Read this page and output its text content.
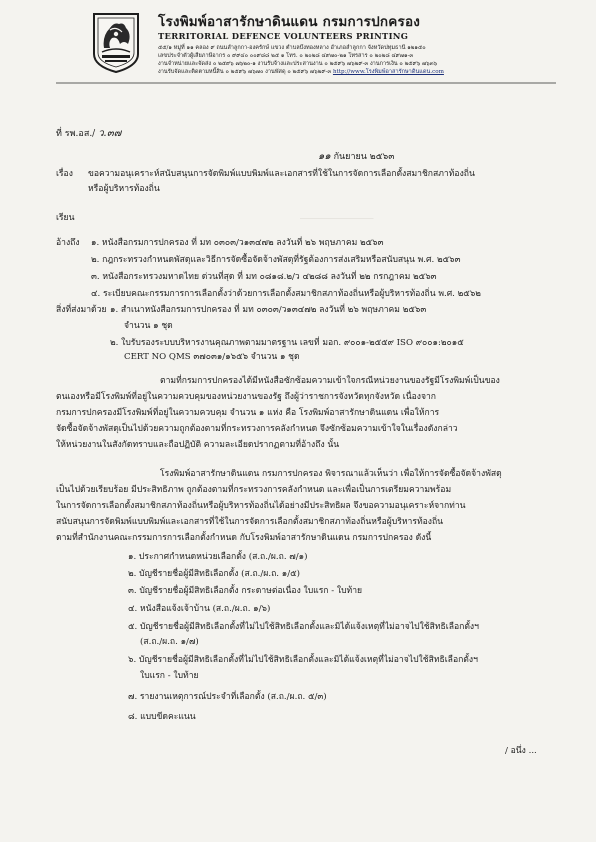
โรงพิมพ์อาสารักษาดินแดน กรมการปกครอง
TERRITORIAL DEFENCE VOLUNTEERS PRINTING
๕๕/๑ หมู่ที่ ๑๑ คลอง ๙ ถนนลำลูกกา-องครักษ์ แขวง ตำบลบึงทองหลาง อำเภอลำลูกกา จังหวัดปทุมธานี ๑๒๑๕๐
เลขประจำตัวผู้เสียภาษีอากร ๐ ๙๙๔๐ ๐๐๙๘๘ ๒๕ ๑ โทร. ๐ ๒๐๒๘ ๔๙๗๐-๒๑ โทรสาร ๐ ๒๐๒๘ ๔๙๗๑-๓
งานจำหน่ายและจัดส่ง ๐ ๒๕๙๖ ๗๖๒๐-๑ งานรับจ้างและประสานงาน ๐ ๒๕๙๖ ๗๖๒๙-๓ งานการเงิน ๐ ๒๕๙๖ ๗๖๓๖
งานรับจัดและติดตามหนี้สิน ๐ ๒๕๙๖ ๗๖๗๐ งานพัสดุ ๐ ๒๕๙๖ ๗๖๒๙-๓ http://www.โรงพิมพ์อาสารักษาดินแดน.com
ที่ รพ.อส./ ว.๓๗
๑๑ กันยายน ๒๕๖๓
เรื่อง ขอความอนุเคราะห์สนับสนุนการจัดพิมพ์แบบพิมพ์และเอกสารที่ใช้ในการจัดการเลือกตั้งสมาชิกสภาท้องถิ่น
หรือผู้บริหารท้องถิ่น
_____________________
เรียน
อ้างถึง ๑. หนังสือกรมการปกครอง ที่ มท ๐๓๐๓/ว๑๓๔๗๒ ลงวันที่ ๒๖ พฤษภาคม ๒๕๖๓
๒. กฎกระทรวงกำหนดพัสดุและวิธีการจัดซื้อจัดจ้างพัสดุที่รัฐต้องการส่งเสริมหรือสนับสนุน พ.ศ. ๒๕๖๓
๓. หนังสือกระทรวงมหาดไทย ด่วนที่สุด ที่ มท ๐๘๑๘.๒/ว ๔๒๘๘ ลงวันที่ ๒๒ กรกฎาคม ๒๕๖๓
๔. ระเบียบคณะกรรมการการเลือกตั้งว่าด้วยการเลือกตั้งสมาชิกสภาท้องถิ่นหรือผู้บริหารท้องถิ่น พ.ศ. ๒๕๖๒
สิ่งที่ส่งมาด้วย ๑. สำเนาหนังสือกรมการปกครอง ที่ มท ๐๓๐๓/ว๑๓๔๗๒ ลงวันที่ ๒๖ พฤษภาคม ๒๕๖๓
จำนวน ๑ ชุด
๒. ใบรับรองระบบบริหารงานคุณภาพตามมาตรฐาน เลขที่ มอก. ๙๐๐๑-๒๕๕๙ ISO ๙๐๐๑:๒๐๑๕
CERT NO QMS ๓๗๐๓๑/๑๖๕๖ จำนวน ๑ ชุด
ตามที่กรมการปกครองได้มีหนังสือซักซ้อมความเข้าใจกรณีหน่วยงานของรัฐมีโรงพิมพ์เป็นของ
ตนเองหรือมีโรงพิมพ์ที่อยู่ในความควบคุมของหน่วยงานของรัฐ ถึงผู้ว่าราชการจังหวัดทุกจังหวัด เนื่องจาก
กรมการปกครองมีโรงพิมพ์ที่อยู่ในความควบคุม จำนวน ๑ แห่ง คือ โรงพิมพ์อาสารักษาดินแดน เพื่อให้การ
จัดซื้อจัดจ้างพัสดุเป็นไปด้วยความถูกต้องตามที่กระทรวงการคลังกำหนด จึงซักซ้อมความเข้าใจในเรื่องดังกล่าว
ให้หน่วยงานในสังกัดทราบและถือปฏิบัติ ความละเอียดปรากฏตามที่อ้างถึง นั้น
โรงพิมพ์อาสารักษาดินแดน กรมการปกครอง พิจารณาแล้วเห็นว่า เพื่อให้การจัดซื้อจัดจ้างพัสดุ
เป็นไปด้วยเรียบร้อย มีประสิทธิภาพ ถูกต้องตามที่กระทรวงการคลังกำหนด และเพื่อเป็นการเตรียมความพร้อม
ในการจัดการเลือกตั้งสมาชิกสภาท้องถิ่นหรือผู้บริหารท้องถิ่นได้อย่างมีประสิทธิผล จึงขอความอนุเคราะห์จากท่าน
สนับสนุนการจัดพิมพ์แบบพิมพ์และเอกสารที่ใช้ในการจัดการเลือกตั้งสมาชิกสภาท้องถิ่นหรือผู้บริหารท้องถิ่น
ตามที่สำนักงานคณะกรรมการการเลือกตั้งกำหนด กับโรงพิมพ์อาสารักษาดินแดน กรมการปกครอง ดังนี้
๑. ประกาศกำหนดหน่วยเลือกตั้ง (ส.ถ./ผ.ถ. ๗/๑)
๒. บัญชีรายชื่อผู้มีสิทธิเลือกตั้ง (ส.ถ./ผ.ถ. ๑/๕)
๓. บัญชีรายชื่อผู้มีสิทธิเลือกตั้ง กระดาษต่อเนื่อง ใบแรก - ใบท้าย
๔. หนังสือแจ้งเจ้าบ้าน (ส.ถ./ผ.ถ. ๑/๖)
๕. บัญชีรายชื่อผู้มีสิทธิเลือกตั้งที่ไม่ไปใช้สิทธิเลือกตั้งและมิได้แจ้งเหตุที่ไม่อาจไปใช้สิทธิเลือกตั้งฯ
(ส.ถ./ผ.ถ. ๑/๗)
๖. บัญชีรายชื่อผู้มีสิทธิเลือกตั้งที่ไม่ไปใช้สิทธิเลือกตั้งและมิได้แจ้งเหตุที่ไม่อาจไปใช้สิทธิเลือกตั้งฯ
ใบแรก - ใบท้าย
๗. รายงานเหตุการณ์ประจำที่เลือกตั้ง (ส.ถ./ผ.ถ. ๕/๓)
๘. แบบขีดคะแนน
/ อนึ่ง ...
